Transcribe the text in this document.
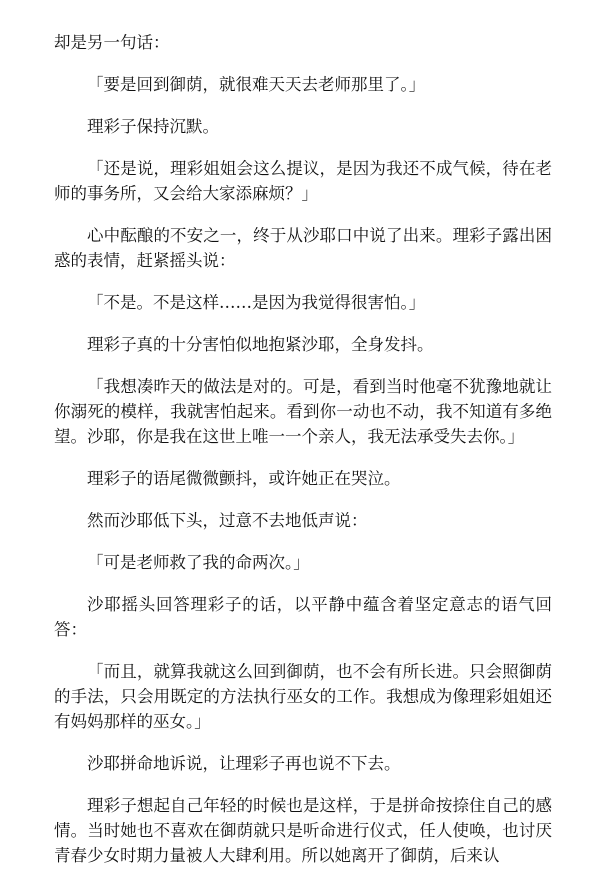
却是另一句话：

「要是回到御荫，就很难天天去老师那里了。」

理彩子保持沉默。

「还是说，理彩姐姐会这么提议，是因为我还不成气候，待在老师的事务所，又会给大家添麻烦？」

心中酝酿的不安之一，终于从沙耶口中说了出来。理彩子露出困惑的表情，赶紧摇头说：

「不是。不是这样……是因为我觉得很害怕。」

理彩子真的十分害怕似地抱紧沙耶，全身发抖。

「我想凑昨天的做法是对的。可是，看到当时他毫不犹豫地就让你溺死的模样，我就害怕起来。看到你一动也不动，我不知道有多绝望。沙耶，你是我在这世上唯一一个亲人，我无法承受失去你。」

理彩子的语尾微微颤抖，或许她正在哭泣。

然而沙耶低下头，过意不去地低声说：

「可是老师救了我的命两次。」

沙耶摇头回答理彩子的话，以平静中蕴含着坚定意志的语气回答：

「而且，就算我就这么回到御荫，也不会有所长进。只会照御荫的手法，只会用既定的方法执行巫女的工作。我想成为像理彩姐姐还有妈妈那样的巫女。」

沙耶拼命地诉说，让理彩子再也说不下去。

理彩子想起自己年轻的时候也是这样，于是拼命按捺住自己的感情。当时她也不喜欢在御荫就只是听命进行仪式，任人使唤，也讨厌青春少女时期力量被人大肆利用。所以她离开了御荫，后来认
